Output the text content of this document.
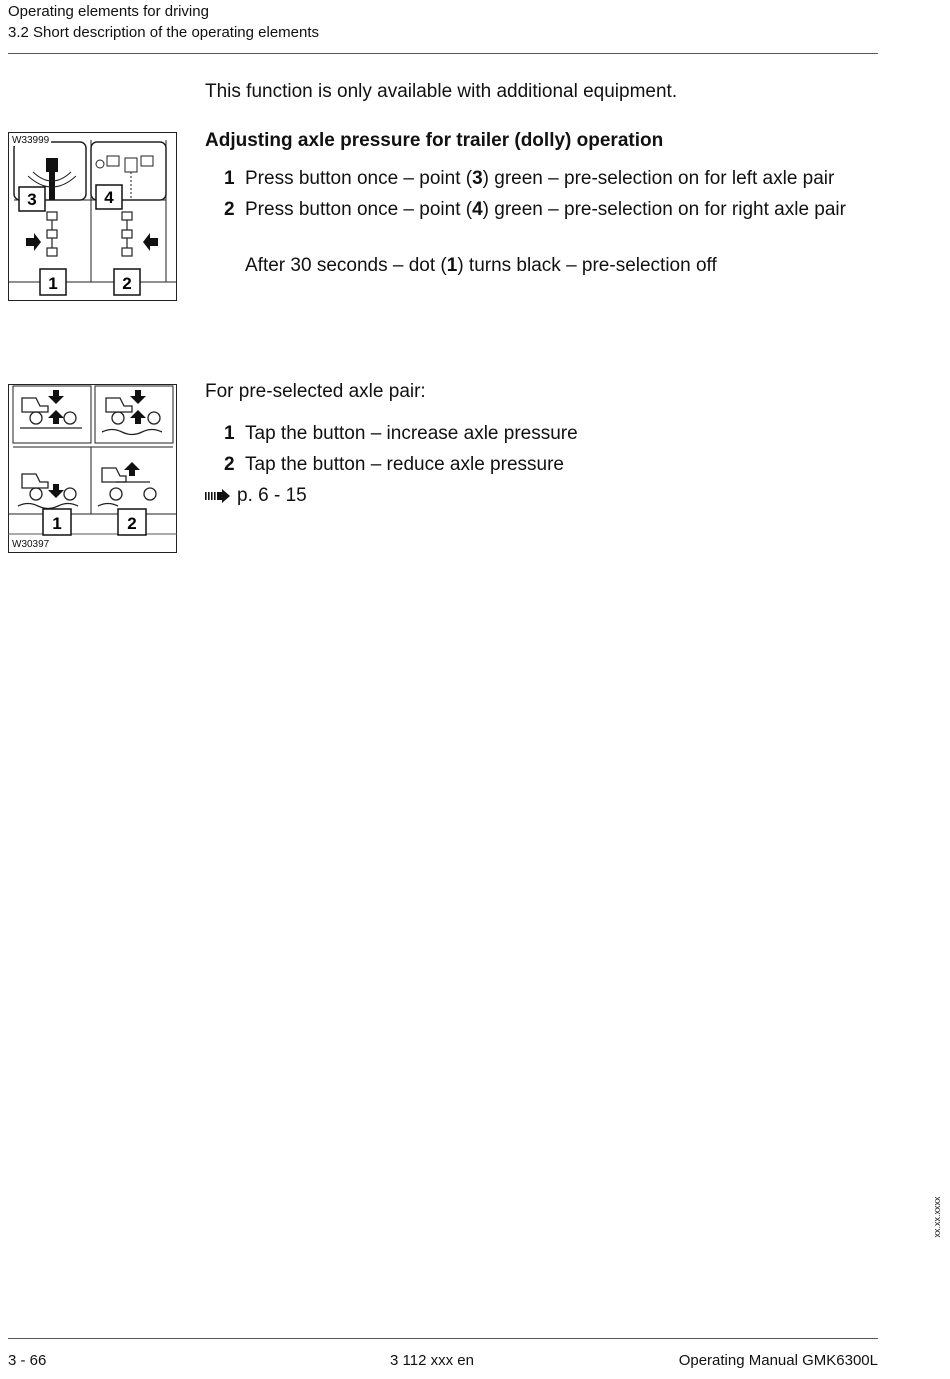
Operating elements for driving
3.2 Short description of the operating elements
This function is only available with additional equipment.
3	4
1	2
W33999	Adjusting axle pressure for trailer (dolly) operation
1 Press button once – point (3) green – pre-selection on for left axle pair
2 Press button once – point (4) green – pre-selection on for right axle pair
After 30 seconds – dot (1) turns black – pre-selection off
1	2
W30397
For pre-selected axle pair:
1 Tap the button – increase axle pressure
2 Tap the button – reduce axle pressure
p. 6 - 15
xx.xx.xxxx
3 - 66	3 112 xxx en	Operating Manual GMK6300L
